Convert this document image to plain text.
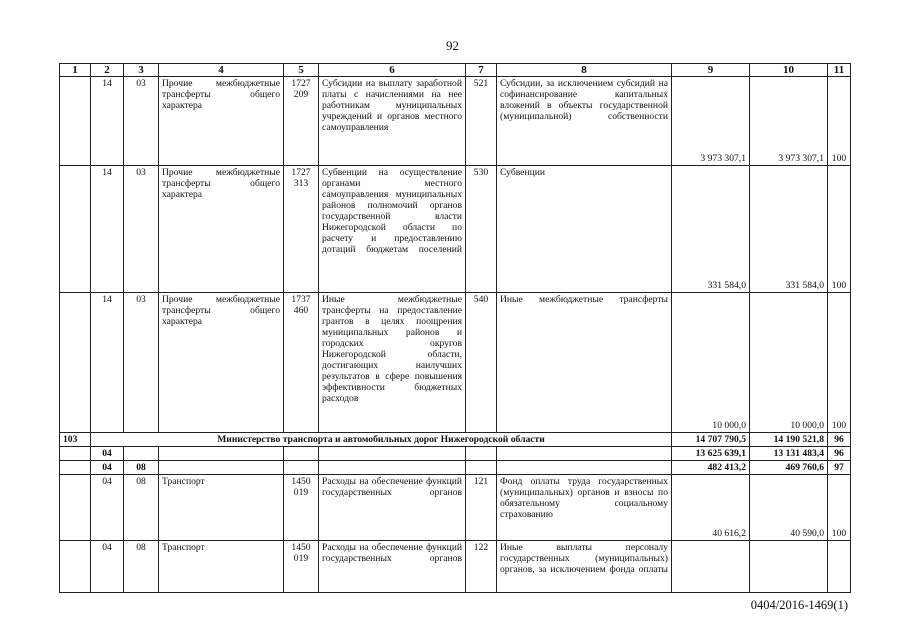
92
1	2	3	4	5	6	7	8	9	10	11
	14	03	Прочие межбюджетные трансферты общего характера	1727 209	Субсидии на выплату заработной платы с начислениями на нее работникам муниципальных учреждений и органов местного самоуправления	521	Субсидии, за исключением субсидий на софинансирование капитальных вложений в объекты государственной (муниципальной) собственности	3 973 307,1	3 973 307,1	100
	14	03	Прочие межбюджетные трансферты общего характера	1727 313	Субвенции на осуществление органами местного самоуправления муниципальных районов полномочий органов государственной власти Нижегородской области по расчету и предоставлению дотаций бюджетам поселений	530	Субвенции	331 584,0	331 584,0	100
	14	03	Прочие межбюджетные трансферты общего характера	1737 460	Иные межбюджетные трансферты на предоставление грантов в целях поощрения муниципальных районов и городских округов Нижегородской области, достигающих наилучших результатов в сфере повышения эффективности бюджетных расходов	540	Иные межбюджетные трансферты	10 000,0	10 000,0	100
103	Министерство транспорта и автомобильных дорог Нижегородской области							14 707 790,5	14 190 521,8	96
	04							13 625 639,1	13 131 483,4	96
	04	08						482 413,2	469 760,6	97
	04	08	Транспорт	1450 019	Расходы на обеспечение функций государственных органов	121	Фонд оплаты труда государственных (муниципальных) органов и взносы по обязательному социальному страхованию	40 616,2	40 590,0	100
	04	08	Транспорт	1450 019	Расходы на обеспечение функций государственных органов	122	Иные выплаты персоналу государственных (муниципальных) органов, за исключением фонда оплаты			
0404/2016-1469(1)
